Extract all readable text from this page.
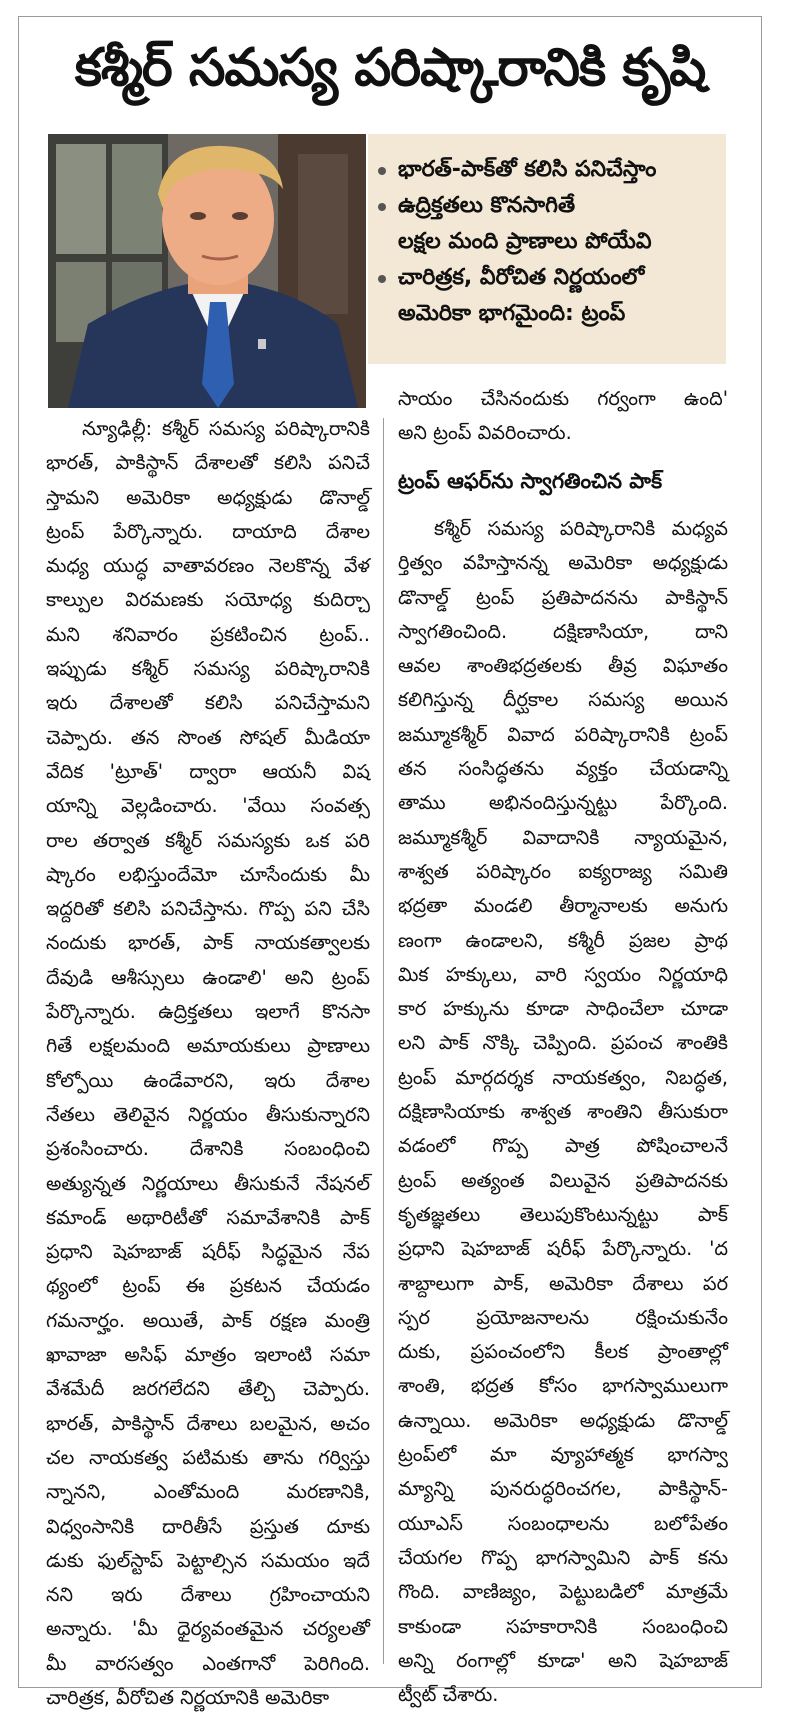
కశ్మీర్ సమస్య పరిష్కారానికి కృషి
భారత్-పాక్‌తో కలిసి పనిచేస్తాం
ఉద్రిక్తతలు కొనసాగితే
లక్షల మంది ప్రాణాలు పోయేవి
చారిత్రక, వీరోచిత నిర్ణయంలో
అమెరికా భాగమైంది: ట్రంప్
న్యూఢిల్లీ: కశ్మీర్ సమస్య పరిష్కారానికి
భారత్, పాకిస్థాన్ దేశాలతో కలిసి పనిచే
స్తామని అమెరికా అధ్యక్షుడు డొనాల్డ్
ట్రంప్ పేర్కొన్నారు. దాయాది దేశాల
మధ్య యుద్ధ వాతావరణం నెలకొన్న వేళ
కాల్పుల విరమణకు సయోధ్య కుదిర్చా
మని శనివారం ప్రకటించిన ట్రంప్..
ఇప్పుడు కశ్మీర్ సమస్య పరిష్కారానికి
ఇరు దేశాలతో కలిసి పనిచేస్తామని
చెప్పారు. తన సొంత సోషల్ మీడియా
వేదిక 'ట్రూత్' ద్వారా ఆయనీ విష
యాన్ని వెల్లడించారు. 'వేయి సంవత్స
రాల తర్వాత కశ్మీర్ సమస్యకు ఒక పరి
ష్కారం లభిస్తుందేమో చూసేందుకు మీ
ఇద్దరితో కలిసి పనిచేస్తాను. గొప్ప పని చేసి
నందుకు భారత్, పాక్ నాయకత్వాలకు
దేవుడి ఆశీస్సులు ఉండాలి' అని ట్రంప్
పేర్కొన్నారు. ఉద్రిక్తతలు ఇలాగే కొనసా
గితే లక్షలమంది అమాయకులు ప్రాణాలు
కోల్పోయి ఉండేవారని, ఇరు దేశాల
నేతలు తెలివైన నిర్ణయం తీసుకున్నారని
ప్రశంసించారు. దేశానికి సంబంధించి
అత్యున్నత నిర్ణయాలు తీసుకునే నేషనల్
కమాండ్ అథారిటీతో సమావేశానికి పాక్
ప్రధాని షెహబాజ్ షరీఫ్ సిద్ధమైన నేప
థ్యంలో ట్రంప్ ఈ ప్రకటన చేయడం
గమనార్హం. అయితే, పాక్ రక్షణ మంత్రి
ఖావాజా అసిఫ్ మాత్రం ఇలాంటి సమా
వేశమేదీ జరగలేదని తేల్చి చెప్పారు.
భారత్, పాకిస్థాన్ దేశాలు బలమైన, అచం
చల నాయకత్వ పటిమకు తాను గర్విస్తు
న్నానని, ఎంతోమంది మరణానికి,
విధ్వంసానికి దారితీసే ప్రస్తుత దూకు
డుకు ఫుల్‌స్టాప్ పెట్టాల్సిన సమయం ఇదే
నని ఇరు దేశాలు గ్రహించాయని
అన్నారు. 'మీ ధైర్యవంతమైన చర్యలతో
మీ వారసత్వం ఎంతగానో పెరిగింది.
చారిత్రక, వీరోచిత నిర్ణయానికి అమెరికా
సాయం చేసినందుకు గర్వంగా ఉంది'
అని ట్రంప్ వివరించారు.
ట్రంప్ ఆఫర్‌ను స్వాగతించిన పాక్
కశ్మీర్ సమస్య పరిష్కారానికి మధ్యవ
ర్తిత్వం వహిస్తానన్న అమెరికా అధ్యక్షుడు
డొనాల్డ్ ట్రంప్ ప్రతిపాదనను పాకిస్థాన్
స్వాగతించింది. దక్షిణాసియా, దాని
ఆవల శాంతిభద్రతలకు తీవ్ర విఘాతం
కలిగిస్తున్న దీర్ఘకాల సమస్య అయిన
జమ్మూకశ్మీర్ వివాద పరిష్కారానికి ట్రంప్
తన సంసిద్ధతను వ్యక్తం చేయడాన్ని
తాము అభినందిస్తున్నట్టు పేర్కొంది.
జమ్మూకశ్మీర్ వివాదానికి న్యాయమైన,
శాశ్వత పరిష్కారం ఐక్యరాజ్య సమితి
భద్రతా మండలి తీర్మానాలకు అనుగు
ణంగా ఉండాలని, కశ్మీరీ ప్రజల ప్రాథ
మిక హక్కులు, వారి స్వయం నిర్ణయాధి
కార హక్కును కూడా సాధించేలా చూడా
లని పాక్ నొక్కి చెప్పింది. ప్రపంచ శాంతికి
ట్రంప్ మార్గదర్శక నాయకత్వం, నిబద్ధత,
దక్షిణాసియాకు శాశ్వత శాంతిని తీసుకురా
వడంలో గొప్ప పాత్ర పోషించాలనే
ట్రంప్ అత్యంత విలువైన ప్రతిపాదనకు
కృతజ్ఞతలు తెలుపుకొంటున్నట్టు పాక్
ప్రధాని షెహబాజ్ షరీఫ్ పేర్కొన్నారు. 'ద
శాబ్దాలుగా పాక్, అమెరికా దేశాలు పర
స్పర ప్రయోజనాలను రక్షించుకునేం
దుకు, ప్రపంచంలోని కీలక ప్రాంతాల్లో
శాంతి, భద్రత కోసం భాగస్వాములుగా
ఉన్నాయి. అమెరికా అధ్యక్షుడు డొనాల్డ్
ట్రంప్‌లో మా వ్యూహాత్మక భాగస్వా
మ్యాన్ని పునరుద్ధరించగల, పాకిస్థాన్-
యూఎస్ సంబంధాలను బలోపేతం
చేయగల గొప్ప భాగస్వామిని పాక్ కను
గొంది. వాణిజ్యం, పెట్టుబడిలో మాత్రమే
కాకుండా సహకారానికి సంబంధించి
అన్ని రంగాల్లో కూడా' అని షెహబాజ్
ట్వీట్ చేశారు.
